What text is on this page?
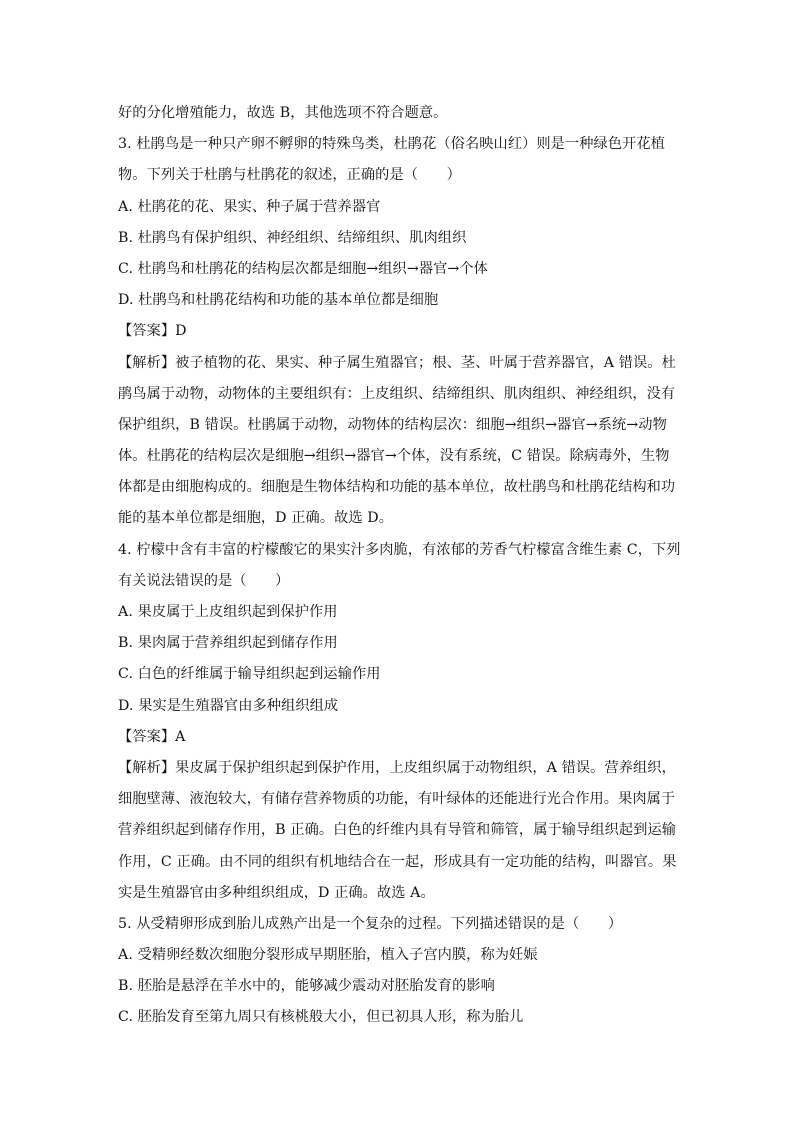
好的分化增殖能力，故选 B，其他选项不符合题意。
3. 杜鹃鸟是一种只产卵不孵卵的特殊鸟类，杜鹃花（俗名映山红）则是一种绿色开花植
物。下列关于杜鹃与杜鹃花的叙述，正确的是（　　）
A. 杜鹃花的花、果实、种子属于营养器官
B. 杜鹃鸟有保护组织、神经组织、结缔组织、肌肉组织
C. 杜鹃鸟和杜鹃花的结构层次都是细胞→组织→器官→个体
D. 杜鹃鸟和杜鹃花结构和功能的基本单位都是细胞
【答案】D
【解析】被子植物的花、果实、种子属生殖器官；根、茎、叶属于营养器官，A 错误。杜
鹃鸟属于动物，动物体的主要组织有：上皮组织、结缔组织、肌肉组织、神经组织，没有
保护组织，B 错误。杜鹃属于动物，动物体的结构层次：细胞→组织→器官→系统→动物
体。杜鹃花的结构层次是细胞→组织→器官→个体，没有系统，C 错误。除病毒外，生物
体都是由细胞构成的。细胞是生物体结构和功能的基本单位，故杜鹃鸟和杜鹃花结构和功
能的基本单位都是细胞，D 正确。故选 D。
4. 柠檬中含有丰富的柠檬酸它的果实汁多肉脆，有浓郁的芳香气柠檬富含维生素 C，下列
有关说法错误的是（　　）
A. 果皮属于上皮组织起到保护作用
B. 果肉属于营养组织起到储存作用
C. 白色的纤维属于输导组织起到运输作用
D. 果实是生殖器官由多种组织组成
【答案】A
【解析】果皮属于保护组织起到保护作用，上皮组织属于动物组织，A 错误。营养组织，
细胞壁薄、液泡较大，有储存营养物质的功能，有叶绿体的还能进行光合作用。果肉属于
营养组织起到储存作用，B 正确。白色的纤维内具有导管和筛管，属于输导组织起到运输
作用，C 正确。由不同的组织有机地结合在一起，形成具有一定功能的结构，叫器官。果
实是生殖器官由多种组织组成，D 正确。故选 A。
5. 从受精卵形成到胎儿成熟产出是一个复杂的过程。下列描述错误的是（　　）
A. 受精卵经数次细胞分裂形成早期胚胎，植入子宫内膜，称为妊娠
B. 胚胎是悬浮在羊水中的，能够减少震动对胚胎发育的影响
C. 胚胎发育至第九周只有核桃般大小，但已初具人形，称为胎儿
